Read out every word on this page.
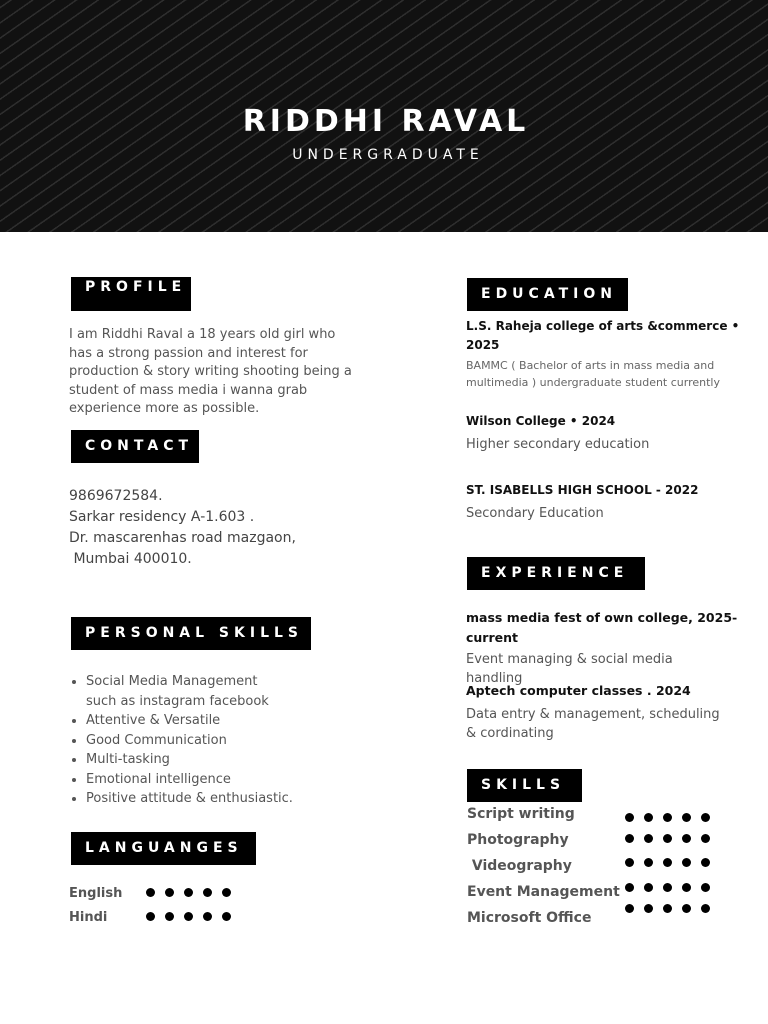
RIDDHI RAVAL
UNDERGRADUATE
PROFILE
I am Riddhi Raval a 18 years old girl who has a strong passion and interest for production & story writing shooting being a student of mass media i wanna grab experience more as possible.
CONTACT
9869672584.
Sarkar residency A-1.603 .
Dr. mascarenhas road mazgaon,
Mumbai 400010.
PERSONAL SKILLS
• Social Media Management such as instagram facebook
• Attentive & Versatile
• Good Communication
• Multi-tasking
• Emotional intelligence
• Positive attitude & enthusiastic.
LANGUANGES
English
Hindi
EDUCATION
L.S. Raheja college of arts &commerce • 2025
BAMMC ( Bachelor of arts in mass media and multimedia ) undergraduate student currently
Wilson College • 2024
Higher secondary education
ST. ISABELLS HIGH SCHOOL - 2022
Secondary Education
EXPERIENCE
mass media fest of own college, 2025-current
Event managing & social media handling
Aptech computer classes . 2024
Data entry & management, scheduling & cordinating
SKILLS
Script writing
Photography
Videography
Event Management
Microsoft Office
